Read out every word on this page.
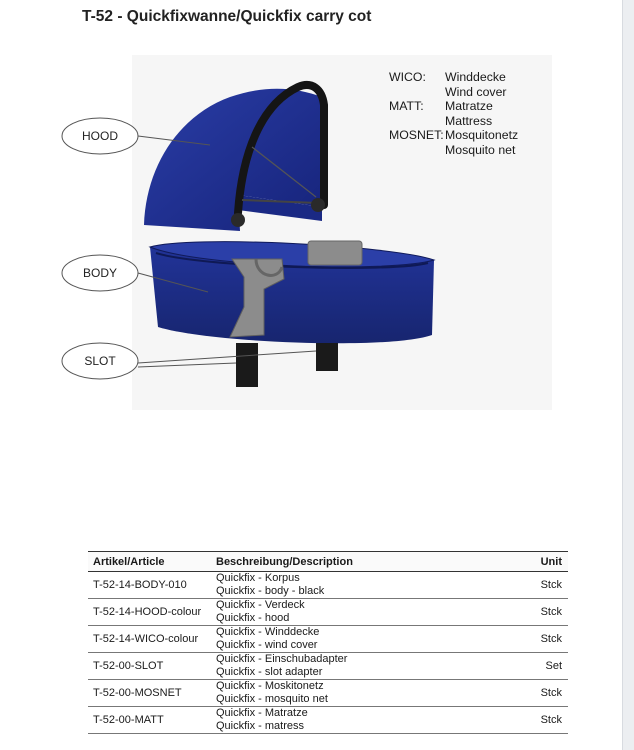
T-52 - Quickfixwanne/Quickfix carry cot
HOOD
BODY
SLOT
WICO:	Winddecke
Wind cover
MATT:	Matratze
Mattress
MOSNET: Mosquitonetz
Mosquito net
Artikel/Article	Beschreibung/Description	Unit
T-52-14-BODY-010	Quickfix - Korpus
Quickfix - body - black	Stck
T-52-14-HOOD-colour	Quickfix - Verdeck
Quickfix - hood	Stck
T-52-14-WICO-colour	Quickfix - Winddecke
Quickfix - wind cover	Stck
T-52-00-SLOT	Quickfix - Einschubadapter
Quickfix - slot adapter	Set
T-52-00-MOSNET	Quickfix - Moskitonetz
Quickfix - mosquito net	Stck
T-52-00-MATT	Quickfix - Matratze
Quickfix - matress	Stck
